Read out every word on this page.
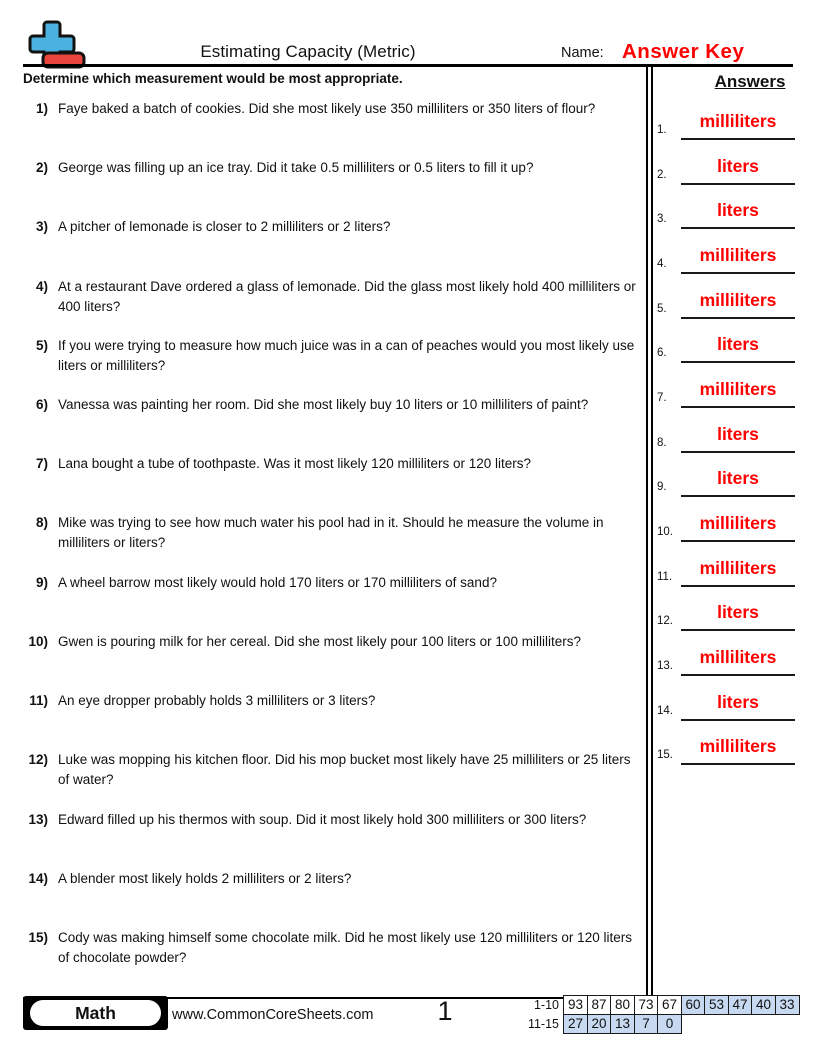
Estimating Capacity (Metric)	Name: Answer Key
Determine which measurement would be most appropriate.
1) Faye baked a batch of cookies. Did she most likely use 350 milliliters or 350 liters of flour?
2) George was filling up an ice tray. Did it take 0.5 milliliters or 0.5 liters to fill it up?
3) A pitcher of lemonade is closer to 2 milliliters or 2 liters?
4) At a restaurant Dave ordered a glass of lemonade. Did the glass most likely hold 400 milliliters or 400 liters?
5) If you were trying to measure how much juice was in a can of peaches would you most likely use liters or milliliters?
6) Vanessa was painting her room. Did she most likely buy 10 liters or 10 milliliters of paint?
7) Lana bought a tube of toothpaste. Was it most likely 120 milliliters or 120 liters?
8) Mike was trying to see how much water his pool had in it. Should he measure the volume in milliliters or liters?
9) A wheel barrow most likely would hold 170 liters or 170 milliliters of sand?
10) Gwen is pouring milk for her cereal. Did she most likely pour 100 liters or 100 milliliters?
11) An eye dropper probably holds 3 milliliters or 3 liters?
12) Luke was mopping his kitchen floor. Did his mop bucket most likely have 25 milliliters or 25 liters of water?
13) Edward filled up his thermos with soup. Did it most likely hold 300 milliliters or 300 liters?
14) A blender most likely holds 2 milliliters or 2 liters?
15) Cody was making himself some chocolate milk. Did he most likely use 120 milliliters or 120 liters of chocolate powder?
Answers
1.	milliliters
2.	liters
3.	liters
4.	milliliters
5.	milliliters
6.	liters
7.	milliliters
8.	liters
9.	liters
10.	milliliters
11.	milliliters
12.	liters
13.	milliliters
14.	liters
15.	milliliters
Math	www.CommonCoreSheets.com	1	1-10 93 87 80 73 67 60 53 47 40 33
11-15 27 20 13 7	0
